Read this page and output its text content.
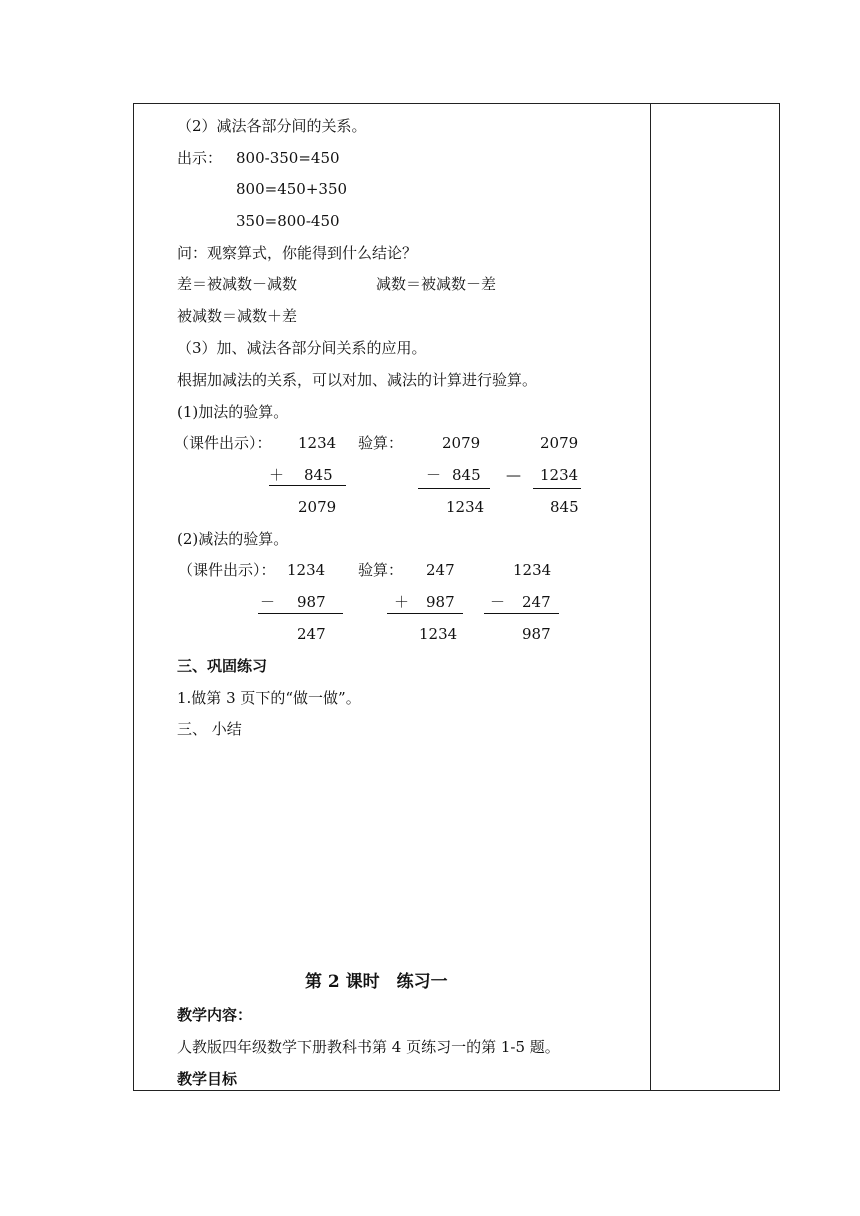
（2）减法各部分间的关系。
出示： 800-350=450
800=450+350
350=800-450
问：观察算式，你能得到什么结论？
差＝被减数－减数	减数＝被减数－差
被减数＝减数＋差
（3）加、减法各部分间关系的应用。
根据加减法的关系，可以对加、减法的计算进行验算。
(1)加法的验算。
（课件出示）： 1234
＋ 845
2079
验算：	2079
－ 845
1234
—
2079
1234
845
(2)减法的验算。
（课件出示）： 1234
－ 987
247
验算： 247
＋ 987
1234
1234
－ 247
987
三、巩固练习
1.做第 3 页下的“做一做”。
三、 小结
第 2 课时　练习一
教学内容：
人教版四年级数学下册教科书第 4 页练习一的第 1-5 题。
教学目标
